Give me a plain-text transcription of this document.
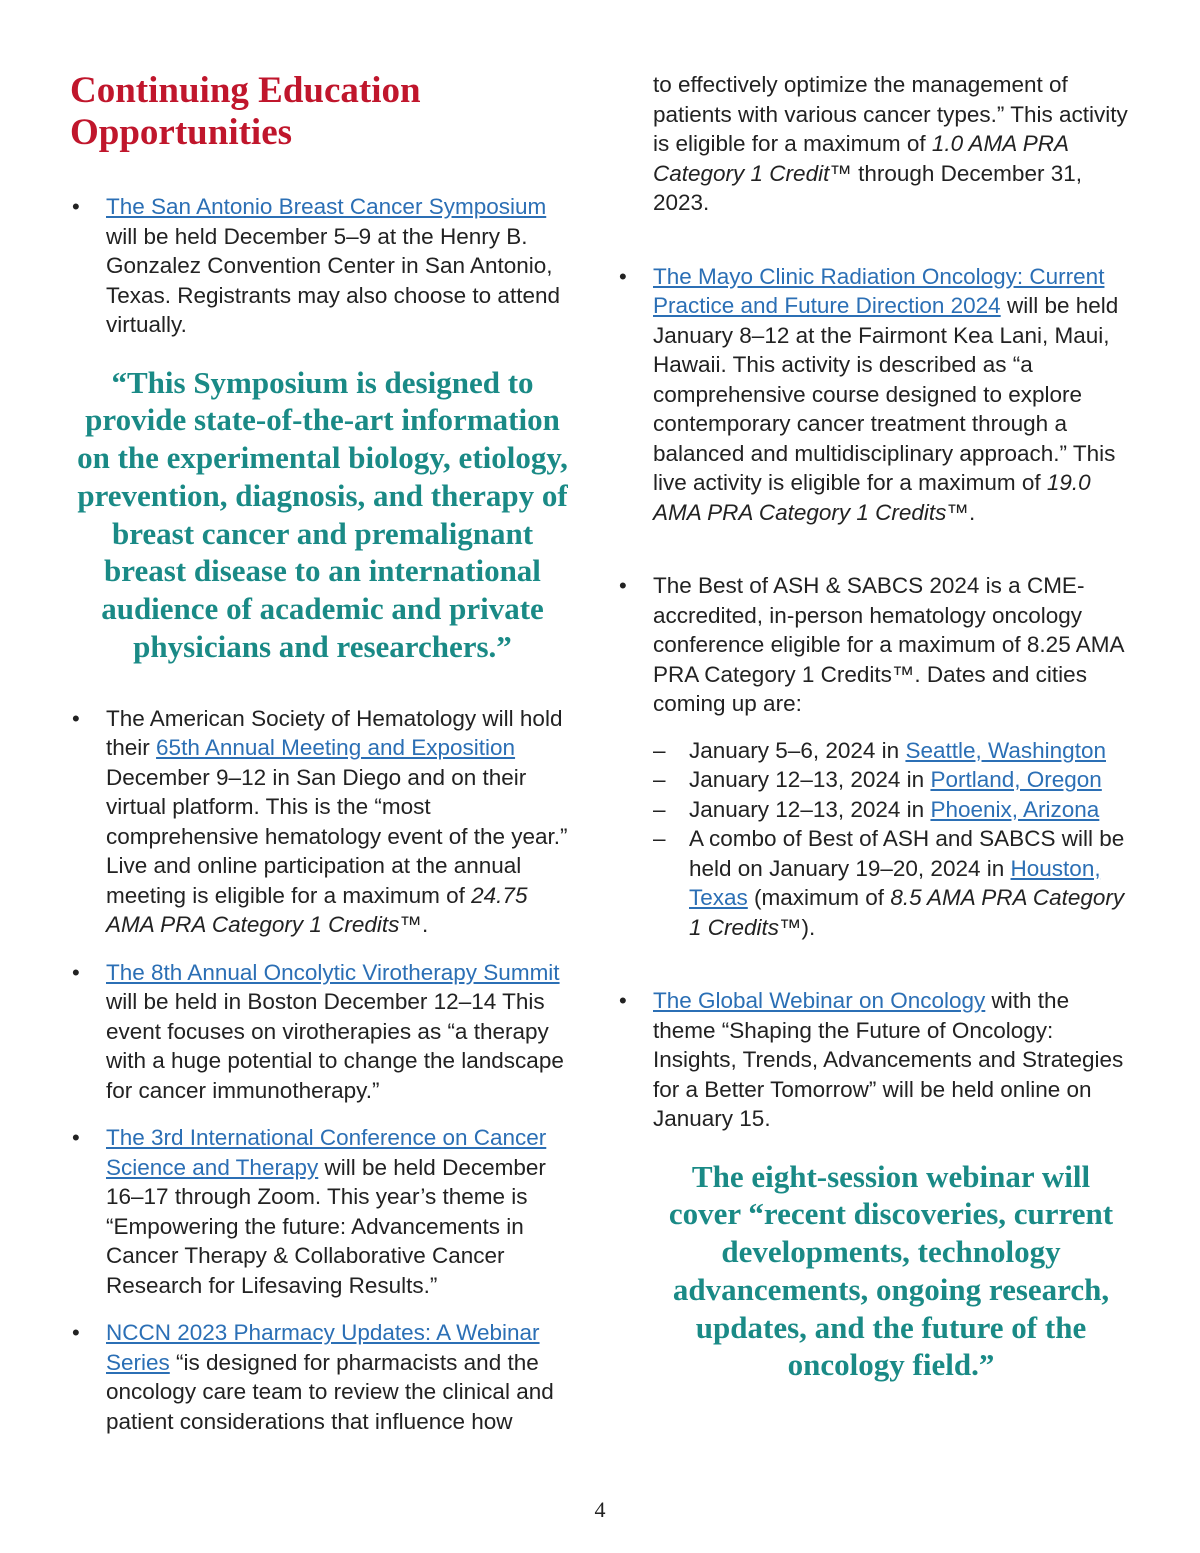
Continuing Education
Opportunities
• The San Antonio Breast Cancer Symposium will be held December 5–9 at the Henry B. Gonzalez Convention Center in San Antonio, Texas. Registrants may also choose to attend virtually.
“This Symposium is designed to provide state-of-the-art information on the experimental biology, etiology, prevention, diagnosis, and therapy of breast cancer and premalignant breast disease to an international audience of academic and private physicians and researchers.”
• The American Society of Hematology will hold their 65th Annual Meeting and Exposition December 9–12 in San Diego and on their virtual platform. This is the “most comprehensive hematology event of the year.” Live and online participation at the annual meeting is eligible for a maximum of 24.75 AMA PRA Category 1 Credits™.
• The 8th Annual Oncolytic Virotherapy Summit will be held in Boston December 12–14 This event focuses on virotherapies as “a therapy with a huge potential to change the landscape for cancer immunotherapy.”
• The 3rd International Conference on Cancer Science and Therapy will be held December 16–17 through Zoom. This year’s theme is “Empowering the future: Advancements in Cancer Therapy & Collaborative Cancer Research for Lifesaving Results.”
• NCCN 2023 Pharmacy Updates: A Webinar Series “is designed for pharmacists and the oncology care team to review the clinical and patient considerations that influence how
to effectively optimize the management of patients with various cancer types.” This activity is eligible for a maximum of 1.0 AMA PRA Category 1 Credit™ through December 31, 2023.
• The Mayo Clinic Radiation Oncology: Current Practice and Future Direction 2024 will be held January 8–12 at the Fairmont Kea Lani, Maui, Hawaii. This activity is described as “a comprehensive course designed to explore contemporary cancer treatment through a balanced and multidisciplinary approach.” This live activity is eligible for a maximum of 19.0 AMA PRA Category 1 Credits™.
• The Best of ASH & SABCS 2024 is a CME-accredited, in-person hematology oncology conference eligible for a maximum of 8.25 AMA PRA Category 1 Credits™. Dates and cities coming up are:
– January 5–6, 2024 in Seattle, Washington
– January 12–13, 2024 in Portland, Oregon
– January 12–13, 2024 in Phoenix, Arizona
– A combo of Best of ASH and SABCS will be held on January 19–20, 2024 in Houston, Texas (maximum of 8.5 AMA PRA Category 1 Credits™).
• The Global Webinar on Oncology with the theme “Shaping the Future of Oncology: Insights, Trends, Advancements and Strategies for a Better Tomorrow” will be held online on January 15.
The eight-session webinar will cover “recent discoveries, current developments, technology advancements, ongoing research, updates, and the future of the oncology field.”
4
